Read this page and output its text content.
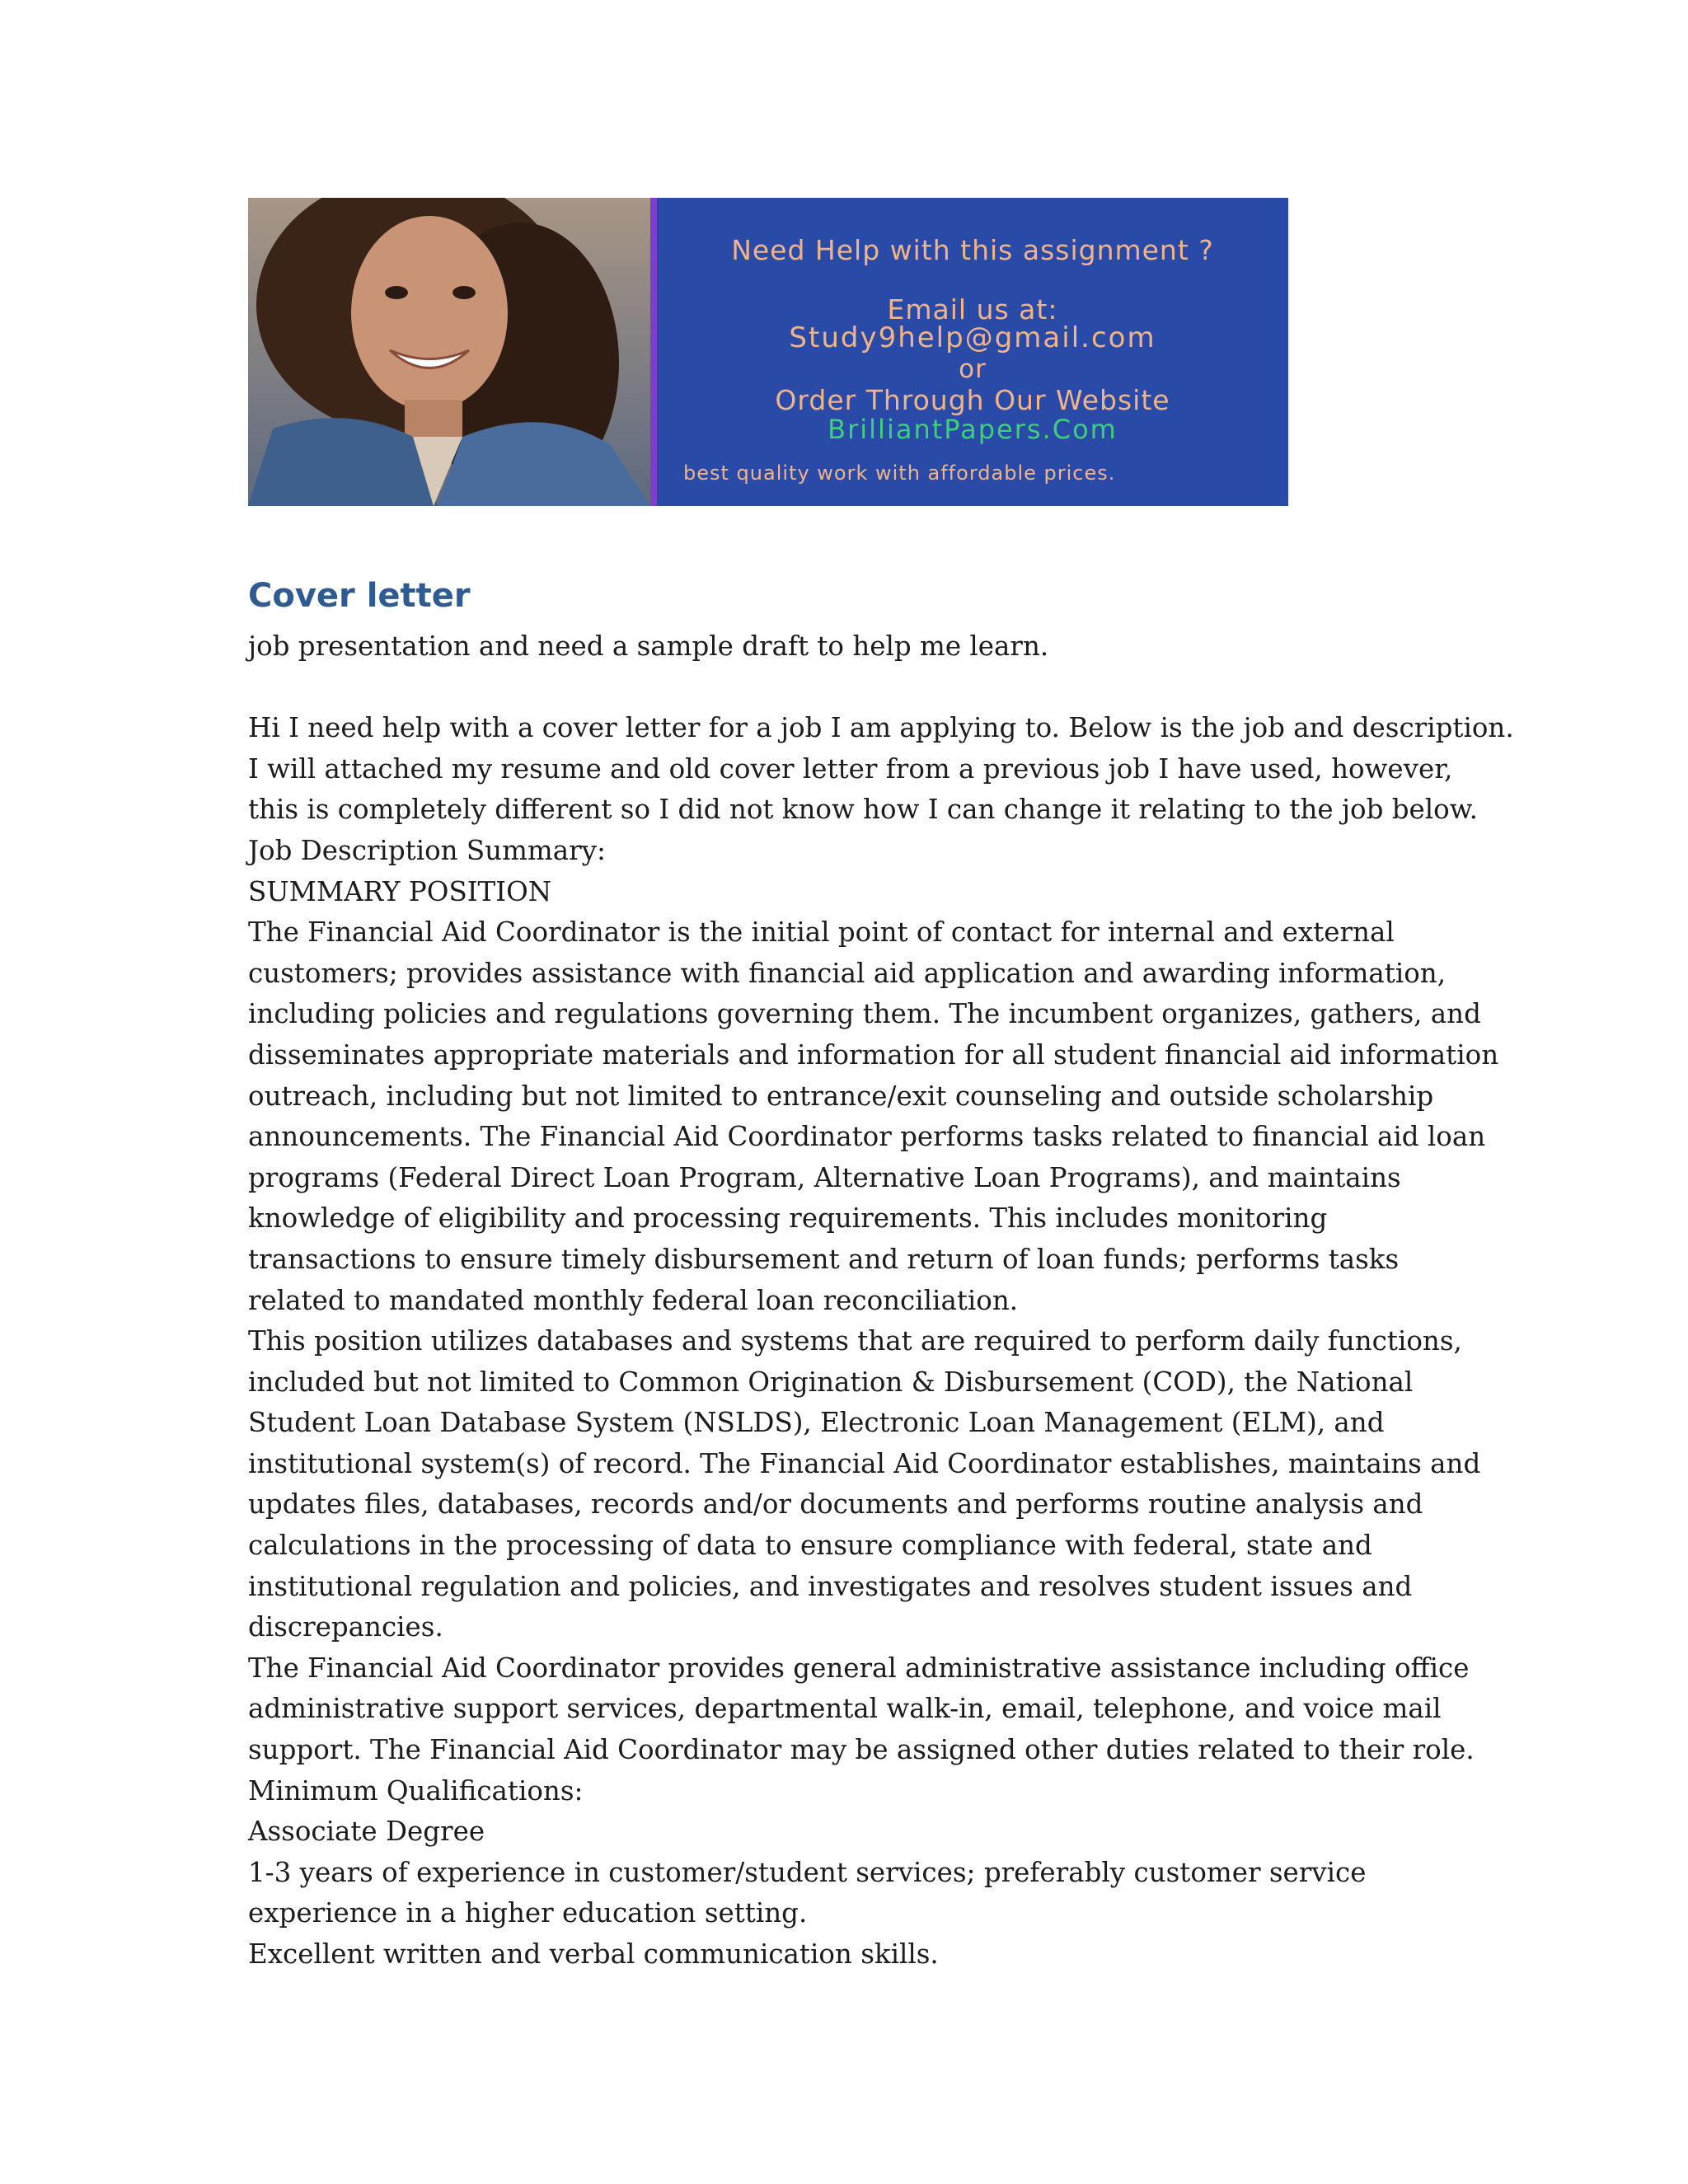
Need Help with this assignment ?
Email us at:
Study9help@gmail.com
or
Order Through Our Website
BrilliantPapers.Com
best quality work with affordable prices.
Cover letter
job presentation and need a sample draft to help me learn.
Hi I need help with a cover letter for a job I am applying to. Below is the job and description.
I will attached my resume and old cover letter from a previous job I have used, however,
this is completely different so I did not know how I can change it relating to the job below.
Job Description Summary:
SUMMARY POSITION
The Financial Aid Coordinator is the initial point of contact for internal and external
customers; provides assistance with financial aid application and awarding information,
including policies and regulations governing them. The incumbent organizes, gathers, and
disseminates appropriate materials and information for all student financial aid information
outreach, including but not limited to entrance/exit counseling and outside scholarship
announcements. The Financial Aid Coordinator performs tasks related to financial aid loan
programs (Federal Direct Loan Program, Alternative Loan Programs), and maintains
knowledge of eligibility and processing requirements. This includes monitoring
transactions to ensure timely disbursement and return of loan funds; performs tasks
related to mandated monthly federal loan reconciliation.
This position utilizes databases and systems that are required to perform daily functions,
included but not limited to Common Origination & Disbursement (COD), the National
Student Loan Database System (NSLDS), Electronic Loan Management (ELM), and
institutional system(s) of record. The Financial Aid Coordinator establishes, maintains and
updates files, databases, records and/or documents and performs routine analysis and
calculations in the processing of data to ensure compliance with federal, state and
institutional regulation and policies, and investigates and resolves student issues and
discrepancies.
The Financial Aid Coordinator provides general administrative assistance including office
administrative support services, departmental walk-in, email, telephone, and voice mail
support. The Financial Aid Coordinator may be assigned other duties related to their role.
Minimum Qualifications:
Associate Degree
1-3 years of experience in customer/student services; preferably customer service
experience in a higher education setting.
Excellent written and verbal communication skills.
